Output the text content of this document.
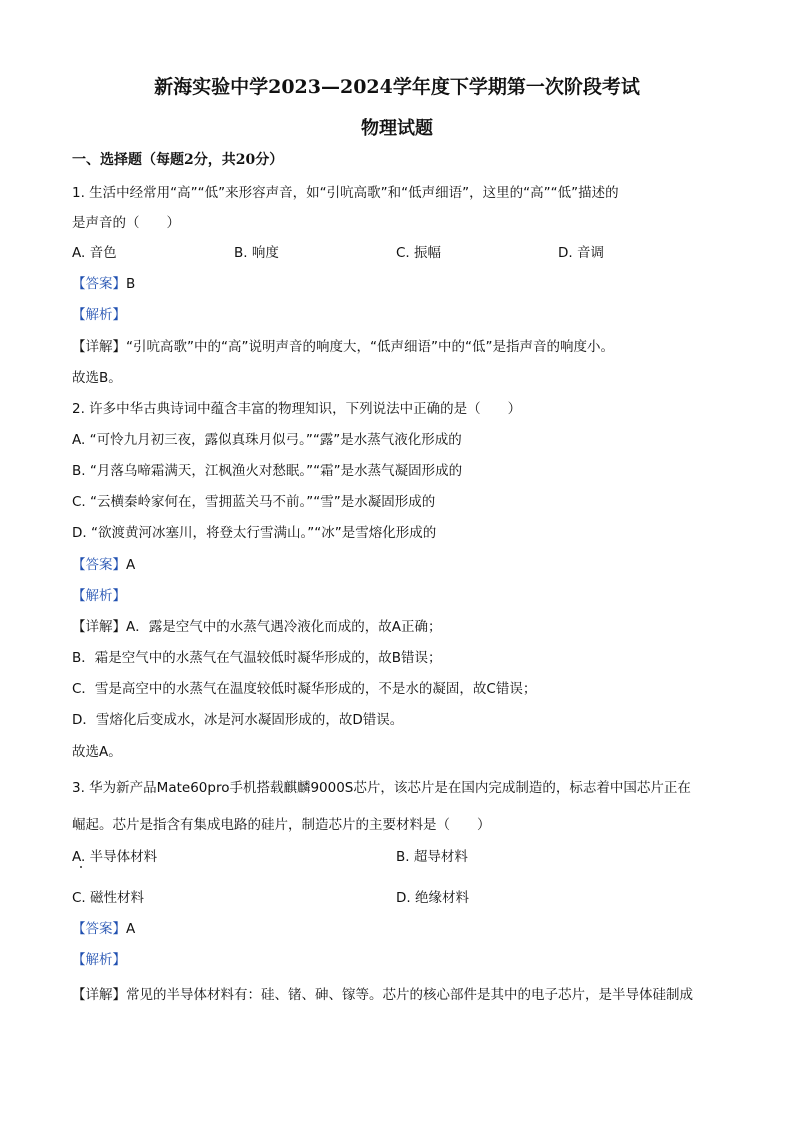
新海实验中学2023—2024学年度下学期第一次阶段考试
物理试题
一、选择题（每题2分，共20分）
1. 生活中经常用“高”“低”来形容声音，如“引吭高歌”和“低声细语”，这里的“高”“低”描述的
是声音的（　　）
A. 音色	B. 响度	C. 振幅	D. 音调
【答案】B
【解析】
【详解】“引吭高歌”中的“高”说明声音的响度大，“低声细语”中的“低”是指声音的响度小。
故选B。
2. 许多中华古典诗词中蕴含丰富的物理知识，下列说法中正确的是（　　）
A. “可怜九月初三夜，露似真珠月似弓。”“露”是水蒸气液化形成的
B. “月落乌啼霜满天，江枫渔火对愁眠。”“霜”是水蒸气凝固形成的
C. “云横秦岭家何在，雪拥蓝关马不前。”“雪”是水凝固形成的
D. “欲渡黄河冰塞川，将登太行雪满山。”“冰”是雪熔化形成的
【答案】A
【解析】
【详解】A．露是空气中的水蒸气遇冷液化而成的，故A正确；
B．霜是空气中的水蒸气在气温较低时凝华形成的，故B错误；
C．雪是高空中的水蒸气在温度较低时凝华形成的，不是水的凝固，故C错误；
D．雪熔化后变成水，冰是河水凝固形成的，故D错误。
故选A。
3. 华为新产品Mate60pro手机搭载麒麟9000S芯片，该芯片是在国内完成制造的，标志着中国芯片正在
崛起。芯片是指含有集成电路的硅片，制造芯片的主要材料是（　　）
A. 半导体材料	B. 超导材料
C. 磁性材料	D. 绝缘材料
【答案】A
【解析】
【详解】常见的半导体材料有：硅、锗、砷、镓等。芯片的核心部件是其中的电子芯片，是半导体硅制成
